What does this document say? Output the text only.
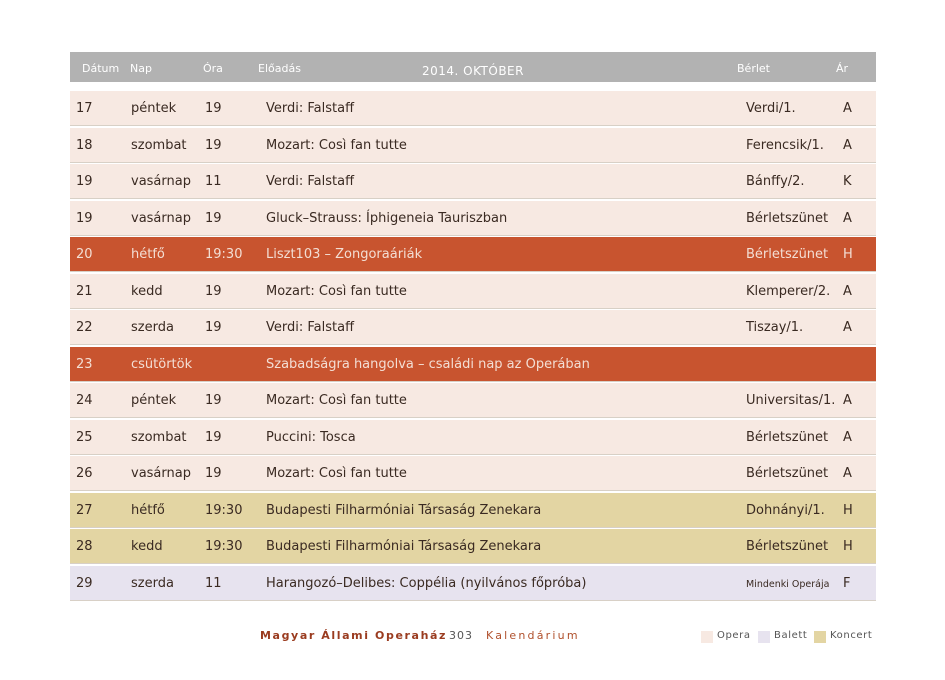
Dátum Nap	Óra	Előadás	2014. OKTÓBER	Bérlet	Ár
17	péntek 19	Verdi: Falstaff	Verdi/1.	A
18	szombat 19	Mozart: Così fan tutte	Ferencsik/1. A
19	vasárnap 11	Verdi: Falstaff	Bánffy/2.	K
19	vasárnap 19	Gluck–Strauss: Íphigeneia Tauriszban	Bérletszünet A
20	hétfő	19:30 Liszt103 – Zongoraáriák	Bérletszünet H
21	kedd	19	Mozart: Così fan tutte	Klemperer/2. A
22	szerda 19	Verdi: Falstaff	Tiszay/1.	A
23	csütörtök	Szabadságra hangolva – családi nap az Operában
24	péntek 19	Mozart: Così fan tutte	Universitas/1. A
25	szombat 19	Puccini: Tosca	Bérletszünet A
26	vasárnap 19	Mozart: Così fan tutte	Bérletszünet A
27	hétfő	19:30 Budapesti Filharmóniai Társaság Zenekara	Dohnányi/1. H
28	kedd	19:30 Budapesti Filharmóniai Társaság Zenekara	Bérletszünet H
29	szerda 11	Harangozó–Delibes: Coppélia (nyilvános főpróba)	Mindenki Operája F
Magyar Állami Operaház 303 Kalendárium	Opera Balett Koncert
